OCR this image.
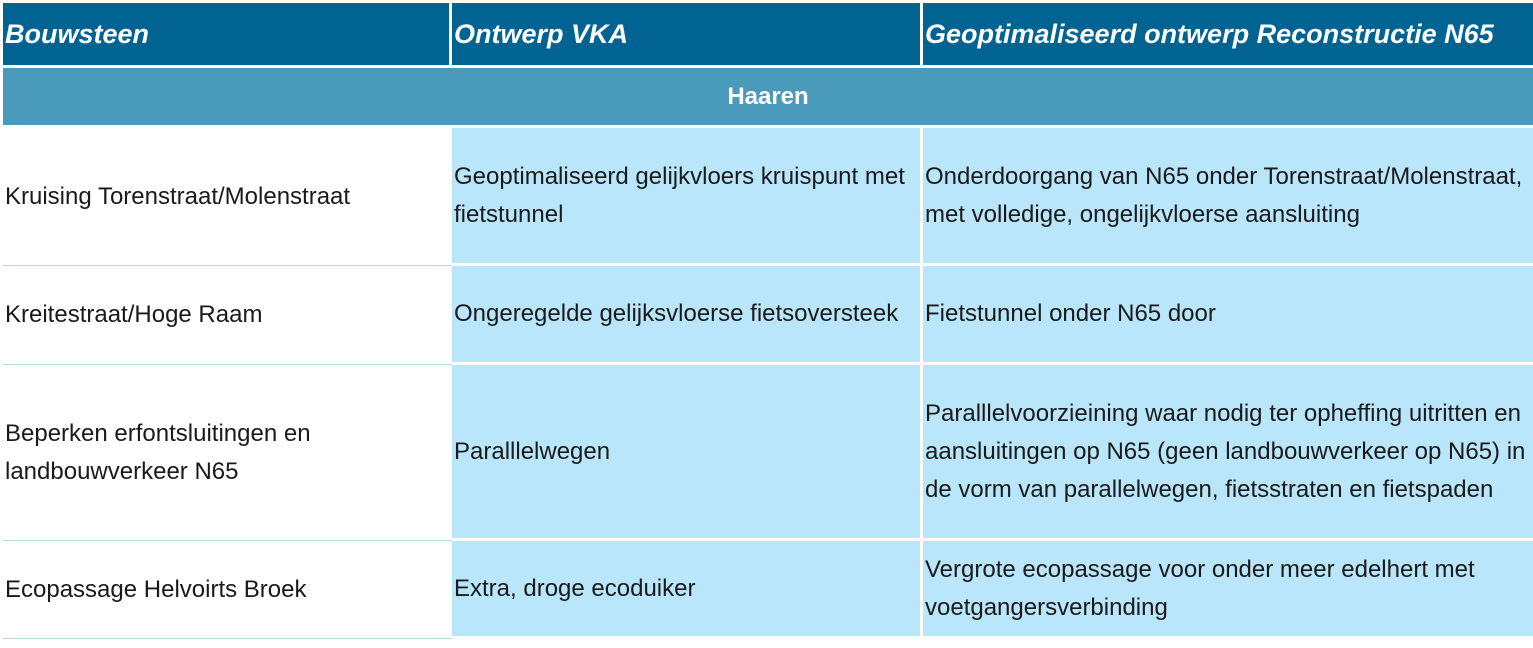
Bouwsteen	Ontwerp VKA	Geoptimaliseerd ontwerp Reconstructie N65
Haaren		
Kruising Torenstraat/Molenstraat	Geoptimaliseerd gelijkvloers kruispunt met fietstunnel	Onderdoorgang van N65 onder Torenstraat/Molenstraat, met volledige, ongelijkvloerse aansluiting
Kreitestraat/Hoge Raam	Ongeregelde gelijksvloerse fietsoversteek	Fietstunnel onder N65 door
Beperken erfontsluitingen en landbouwverkeer N65	Paralllelwegen	Paralllelvoorzieining waar nodig ter opheffing uitritten en aansluitingen op N65 (geen landbouwverkeer op N65) in de vorm van parallelwegen, fietsstraten en fietspaden
Ecopassage Helvoirts Broek	Extra, droge ecoduiker	Vergrote ecopassage voor onder meer edelhert met voetgangersverbinding
